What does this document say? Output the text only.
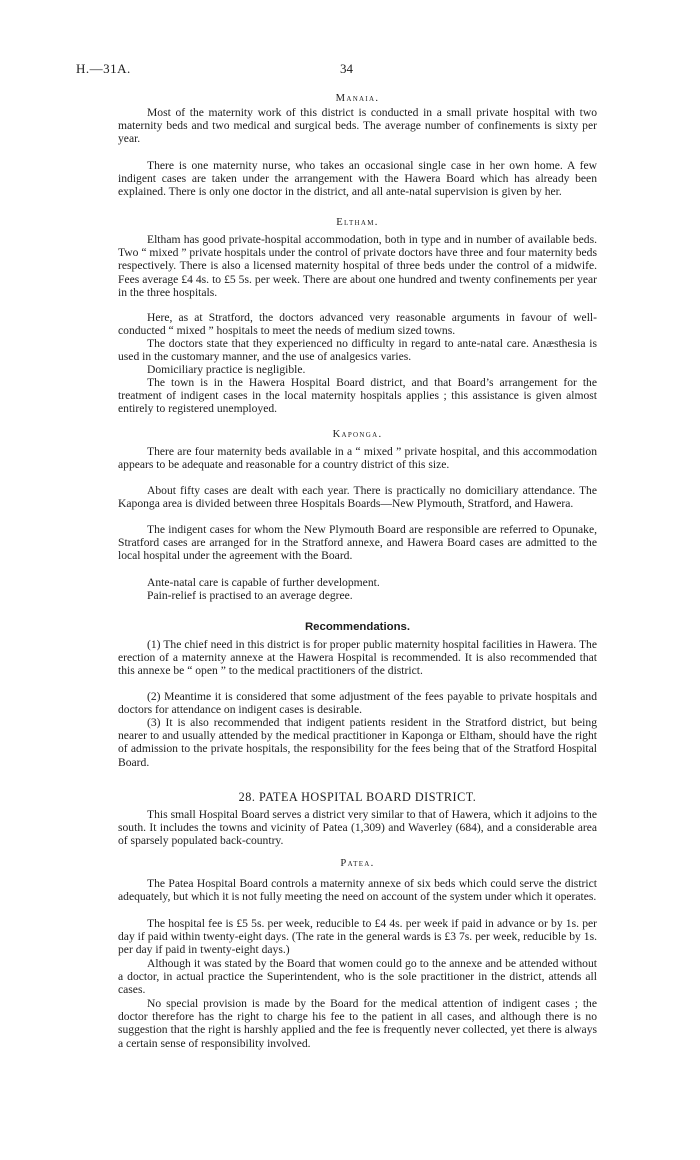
H.—31A.	34
Manaia.

Most of the maternity work of this district is conducted in a small private hospital with two maternity beds and two medical and surgical beds. The average number of confinements is sixty per year.

There is one maternity nurse, who takes an occasional single case in her own home. A few indigent cases are taken under the arrangement with the Hawera Board which has already been explained. There is only one doctor in the district, and all ante-natal supervision is given by her.

Eltham.

Eltham has good private-hospital accommodation, both in type and in number of available beds. Two “ mixed ” private hospitals under the control of private doctors have three and four maternity beds respectively. There is also a licensed maternity hospital of three beds under the control of a midwife. Fees average £4 4s. to £5 5s. per week. There are about one hundred and twenty confinements per year in the three hospitals.

Here, as at Stratford, the doctors advanced very reasonable arguments in favour of well-conducted “ mixed ” hospitals to meet the needs of medium sized towns.

The doctors state that they experienced no difficulty in regard to ante-natal care. Anæsthesia is used in the customary manner, and the use of analgesics varies.

Domiciliary practice is negligible.

The town is in the Hawera Hospital Board district, and that Board’s arrangement for the treatment of indigent cases in the local maternity hospitals applies ; this assistance is given almost entirely to registered unemployed.

Kaponga.

There are four maternity beds available in a “ mixed ” private hospital, and this accommodation appears to be adequate and reasonable for a country district of this size.

About fifty cases are dealt with each year. There is practically no domiciliary attendance. The Kaponga area is divided between three Hospitals Boards—New Plymouth, Stratford, and Hawera.

The indigent cases for whom the New Plymouth Board are responsible are referred to Opunake, Stratford cases are arranged for in the Stratford annexe, and Hawera Board cases are admitted to the local hospital under the agreement with the Board.

Ante-natal care is capable of further development.

Pain-relief is practised to an average degree.

Recommendations.

(1) The chief need in this district is for proper public maternity hospital facilities in Hawera. The erection of a maternity annexe at the Hawera Hospital is recommended. It is also recommended that this annexe be “ open ” to the medical practitioners of the district.

(2) Meantime it is considered that some adjustment of the fees payable to private hospitals and doctors for attendance on indigent cases is desirable.

(3) It is also recommended that indigent patients resident in the Stratford district, but being nearer to and usually attended by the medical practitioner in Kaponga or Eltham, should have the right of admission to the private hospitals, the responsibility for the fees being that of the Stratford Hospital Board.

28. PATEA HOSPITAL BOARD DISTRICT.

This small Hospital Board serves a district very similar to that of Hawera, which it adjoins to the south. It includes the towns and vicinity of Patea (1,309) and Waverley (684), and a considerable area of sparsely populated back-country.

Patea.

The Patea Hospital Board controls a maternity annexe of six beds which could serve the district adequately, but which it is not fully meeting the need on account of the system under which it operates.

The hospital fee is £5 5s. per week, reducible to £4 4s. per week if paid in advance or by 1s. per day if paid within twenty-eight days. (The rate in the general wards is £3 7s. per week, reducible by 1s. per day if paid in twenty-eight days.)

Although it was stated by the Board that women could go to the annexe and be attended without a doctor, in actual practice the Superintendent, who is the sole practitioner in the district, attends all cases.

No special provision is made by the Board for the medical attention of indigent cases ; the doctor therefore has the right to charge his fee to the patient in all cases, and although there is no suggestion that the right is harshly applied and the fee is frequently never collected, yet there is always a certain sense of responsibility involved.
